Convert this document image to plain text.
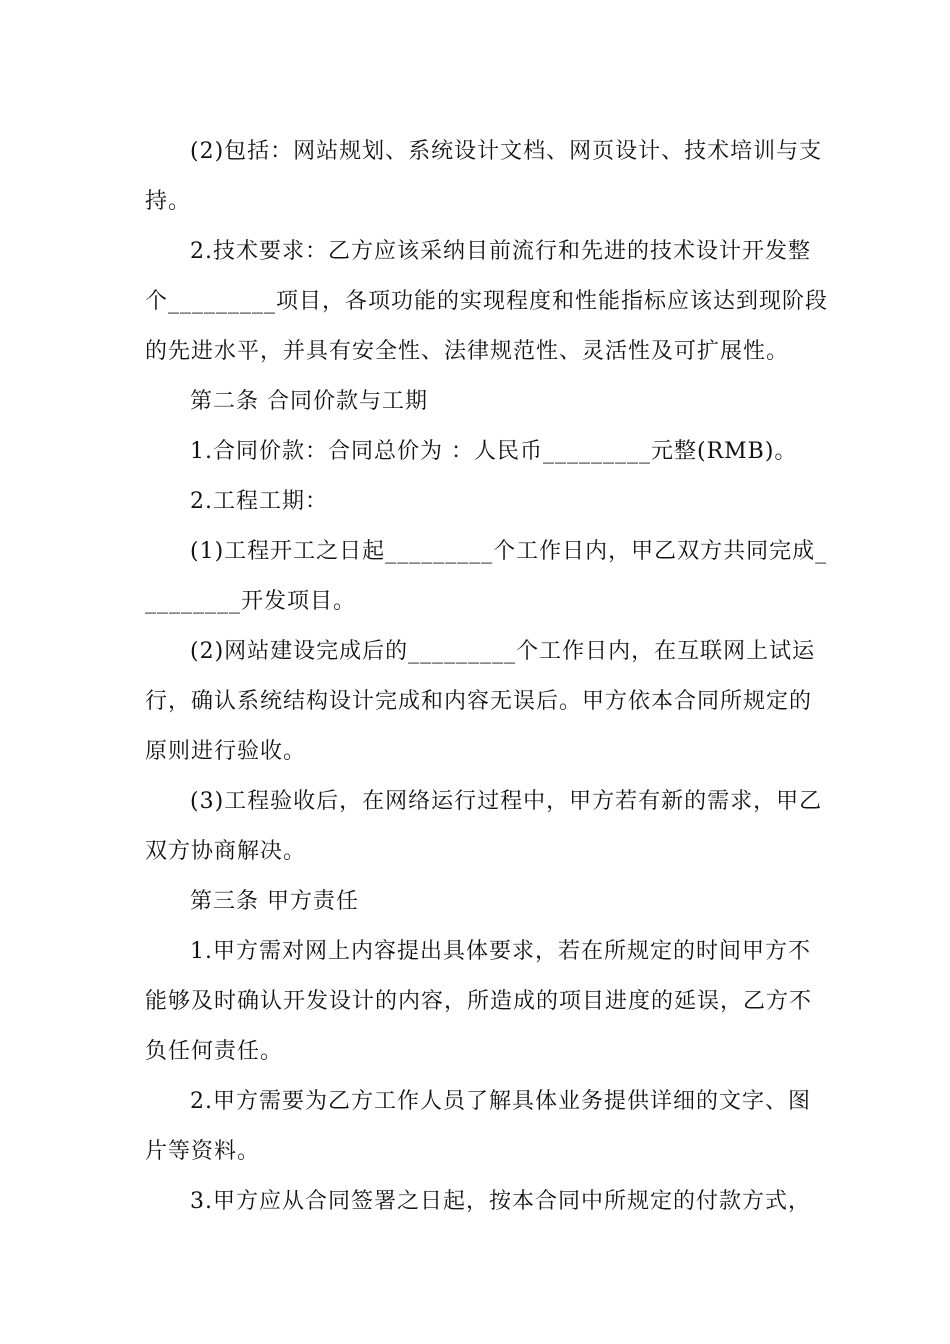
(2)包括：网站规划、系统设计文档、网页设计、技术培训与支
持。
2.技术要求：乙方应该采纳目前流行和先进的技术设计开发整
个_________项目，各项功能的实现程度和性能指标应该达到现阶段
的先进水平，并具有安全性、法律规范性、灵活性及可扩展性。
第二条 合同价款与工期
1.合同价款：合同总价为 ：人民币_________元整(RMB)。
2.工程工期：
(1)工程开工之日起_________个工作日内，甲乙双方共同完成_
________开发项目。
(2)网站建设完成后的_________个工作日内，在互联网上试运
行，确认系统结构设计完成和内容无误后。甲方依本合同所规定的
原则进行验收。
(3)工程验收后，在网络运行过程中，甲方若有新的需求，甲乙
双方协商解决。
第三条 甲方责任
1.甲方需对网上内容提出具体要求，若在所规定的时间甲方不
能够及时确认开发设计的内容，所造成的项目进度的延误，乙方不
负任何责任。
2.甲方需要为乙方工作人员了解具体业务提供详细的文字、图
片等资料。
3.甲方应从合同签署之日起，按本合同中所规定的付款方式，
